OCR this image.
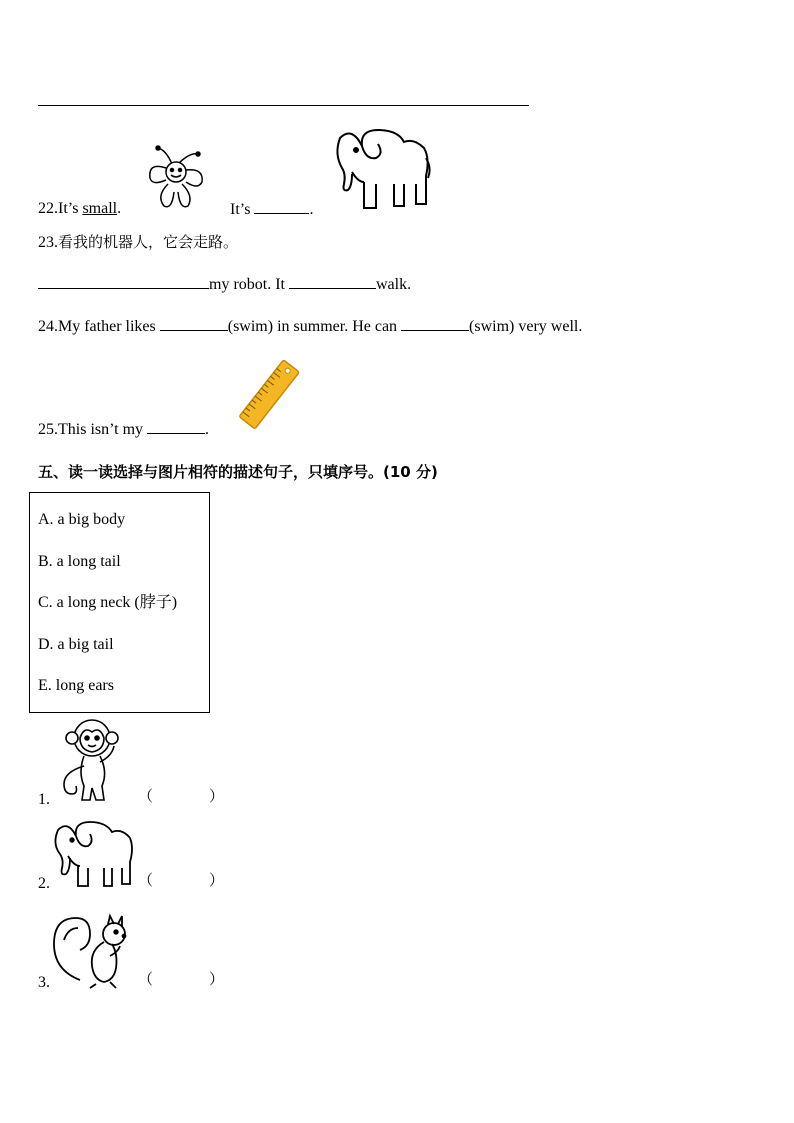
22.It’s small.	It’s	.
23.看我的机器人，它会走路。
my robot. It	walk.
24.My father likes	(swim) in summer. He can	(swim) very well.
25.This isn’t my	.
五、读一读选择与图片相符的描述句子，只填序号。(10 分)
A. a big body
B. a long tail
C. a long neck (脖子)
D. a big tail
E. long ears
1.	（	）
2.	（	）
3.	（	）
